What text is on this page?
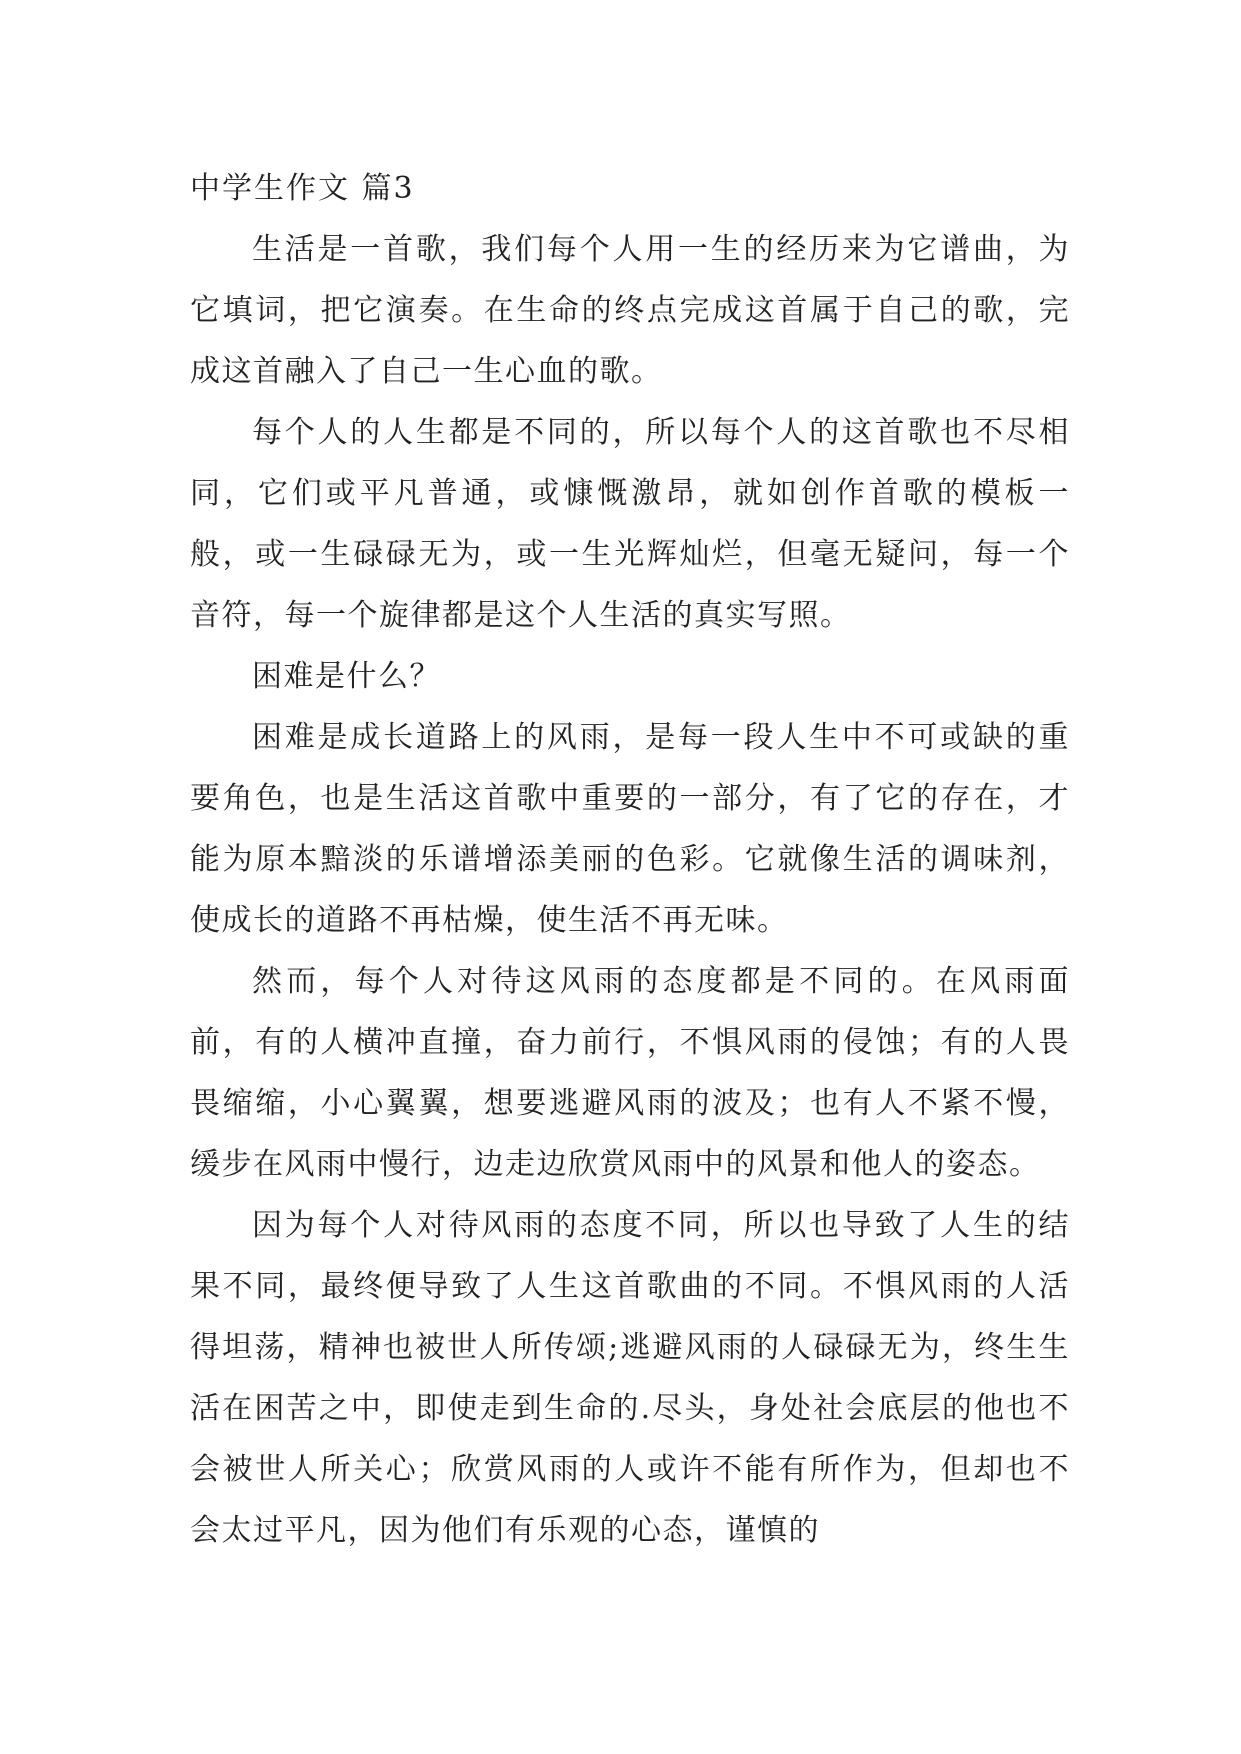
中学生作文 篇3

生活是一首歌，我们每个人用一生的经历来为它谱曲，为它填词，把它演奏。在生命的终点完成这首属于自己的歌，完成这首融入了自己一生心血的歌。

每个人的人生都是不同的，所以每个人的这首歌也不尽相同，它们或平凡普通，或慷慨激昂，就如创作首歌的模板一般，或一生碌碌无为，或一生光辉灿烂，但毫无疑问，每一个音符，每一个旋律都是这个人生活的真实写照。

困难是什么？

困难是成长道路上的风雨，是每一段人生中不可或缺的重要角色，也是生活这首歌中重要的一部分，有了它的存在，才能为原本黯淡的乐谱增添美丽的色彩。它就像生活的调味剂，使成长的道路不再枯燥，使生活不再无味。

然而，每个人对待这风雨的态度都是不同的。在风雨面前，有的人横冲直撞，奋力前行，不惧风雨的侵蚀；有的人畏畏缩缩，小心翼翼，想要逃避风雨的波及；也有人不紧不慢，缓步在风雨中慢行，边走边欣赏风雨中的风景和他人的姿态。

因为每个人对待风雨的态度不同，所以也导致了人生的结果不同，最终便导致了人生这首歌曲的不同。不惧风雨的人活得坦荡，精神也被世人所传颂;逃避风雨的人碌碌无为，终生生活在困苦之中，即使走到生命的.尽头，身处社会底层的他也不会被世人所关心；欣赏风雨的人或许不能有所作为，但却也不会太过平凡，因为他们有乐观的心态，谨慎的
